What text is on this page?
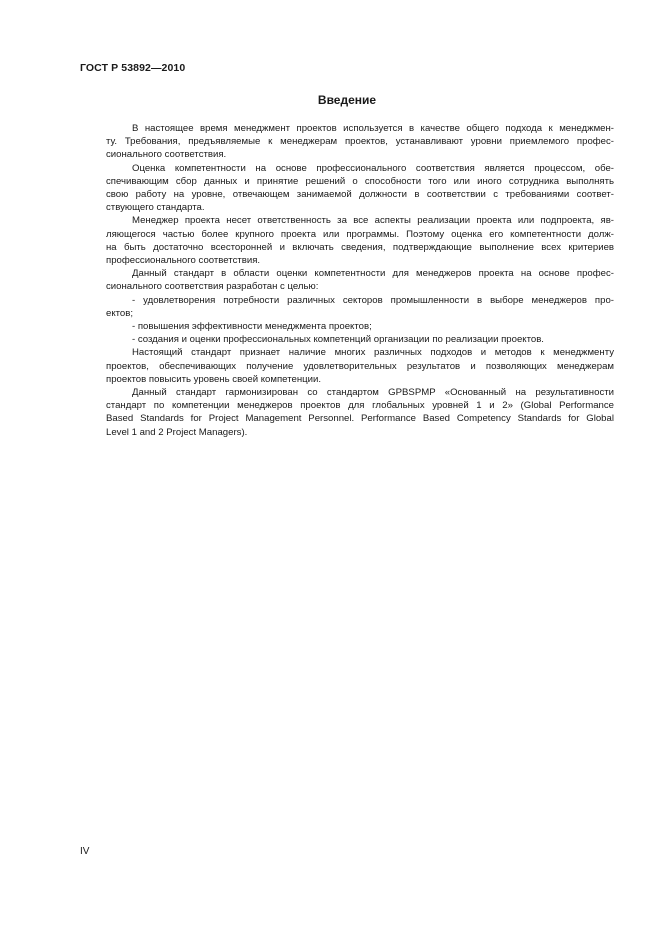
ГОСТ Р 53892—2010
Введение

В настоящее время менеджмент проектов используется в качестве общего подхода к менеджмен-
ту. Требования, предъявляемые к менеджерам проектов, устанавливают уровни приемлемого профес-
сионального соответствия.

Оценка компетентности на основе профессионального соответствия является процессом, обе-
спечивающим сбор данных и принятие решений о способности того или иного сотрудника выполнять
свою работу на уровне, отвечающем занимаемой должности в соответствии с требованиями соответ-
ствующего стандарта.

Менеджер проекта несет ответственность за все аспекты реализации проекта или подпроекта, яв-
ляющегося частью более крупного проекта или программы. Поэтому оценка его компетентности долж-
на быть достаточно всесторонней и включать сведения, подтверждающие выполнение всех критериев
профессионального соответствия.

Данный стандарт в области оценки компетентности для менеджеров проекта на основе профес-
сионального соответствия разработан с целью:

- удовлетворения потребности различных секторов промышленности в выборе менеджеров про-
ектов;

- повышения эффективности менеджмента проектов;

- создания и оценки профессиональных компетенций организации по реализации проектов.

Настоящий стандарт признает наличие многих различных подходов и методов к менеджменту
проектов, обеспечивающих получение удовлетворительных результатов и позволяющих менеджерам
проектов повысить уровень своей компетенции.

Данный стандарт гармонизирован со стандартом GPBSPMP «Основанный на результативности
стандарт по компетенции менеджеров проектов для глобальных уровней 1 и 2» (Global Performance
Based Standards for Project Management Personnel. Performance Based Competency Standards for Global
Level 1 and 2 Project Managers).

IV
